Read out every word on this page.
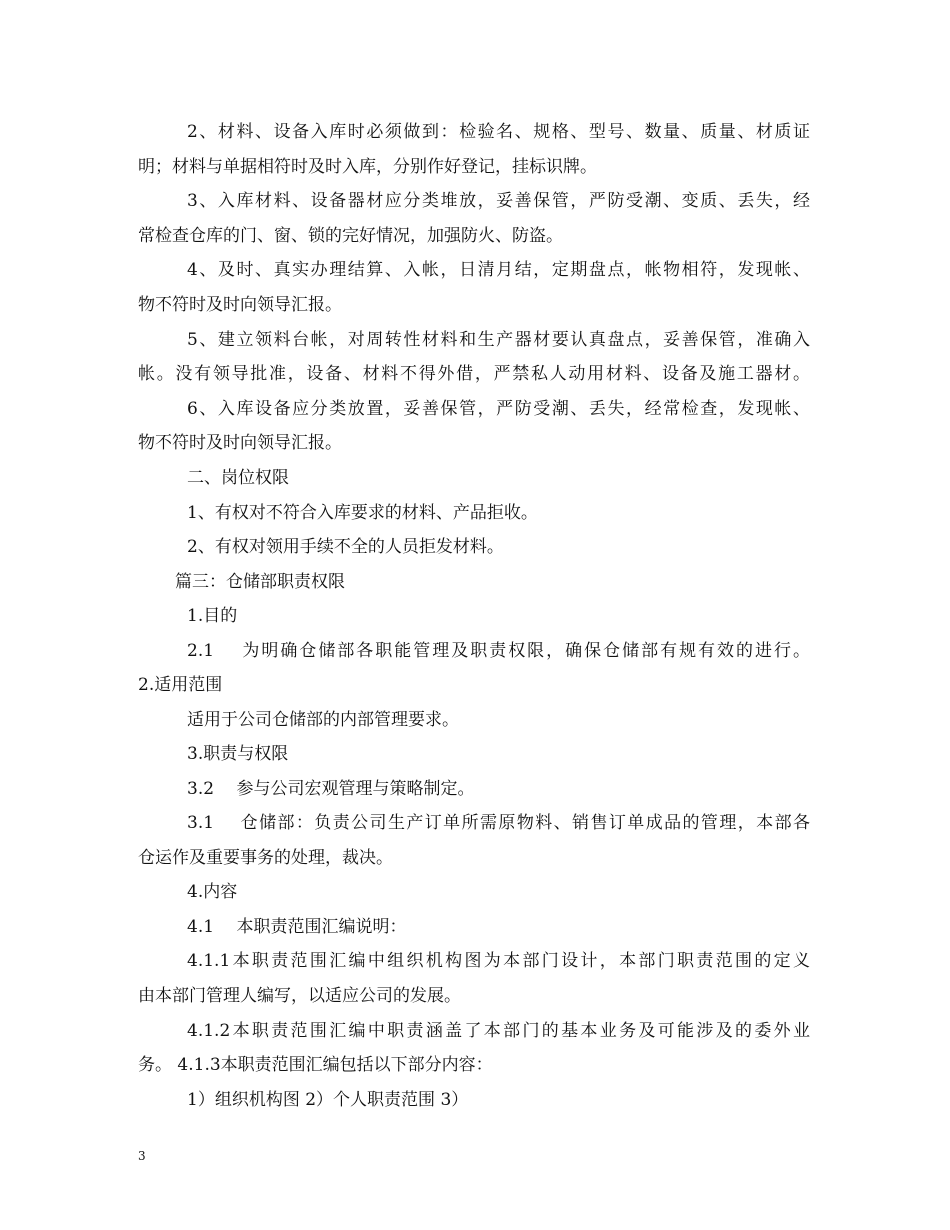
2、材料、设备入库时必须做到：检验名、规格、型号、数量、质量、材质证
明；材料与单据相符时及时入库，分别作好登记，挂标识牌。
3、入库材料、设备器材应分类堆放，妥善保管，严防受潮、变质、丢失，经
常检查仓库的门、窗、锁的完好情况，加强防火、防盗。
4、及时、真实办理结算、入帐，日清月结，定期盘点，帐物相符，发现帐、
物不符时及时向领导汇报。
5、建立领料台帐，对周转性材料和生产器材要认真盘点，妥善保管，准确入
帐。没有领导批准，设备、材料不得外借，严禁私人动用材料、设备及施工器材。
6、入库设备应分类放置，妥善保管，严防受潮、丢失，经常检查，发现帐、
物不符时及时向领导汇报。
二、岗位权限
1、有权对不符合入库要求的材料、产品拒收。
2、有权对领用手续不全的人员拒发材料。
篇三：仓储部职责权限
1.目的
2.1　 为明确仓储部各职能管理及职责权限，确保仓储部有规有效的进行。
2.适用范围
适用于公司仓储部的内部管理要求。
3.职责与权限
3.2　 参与公司宏观管理与策略制定。
3.1　 仓储部：负责公司生产订单所需原物料、销售订单成品的管理，本部各
仓运作及重要事务的处理，裁决。
4.内容
4.1　 本职责范围汇编说明：
4.1.1本职责范围汇编中组织机构图为本部门设计，本部门职责范围的定义
由本部门管理人编写，以适应公司的发展。
4.1.2本职责范围汇编中职责涵盖了本部门的基本业务及可能涉及的委外业
务。 4.1.3本职责范围汇编包括以下部分内容：
1）组织机构图 2）个人职责范围 3）
3
